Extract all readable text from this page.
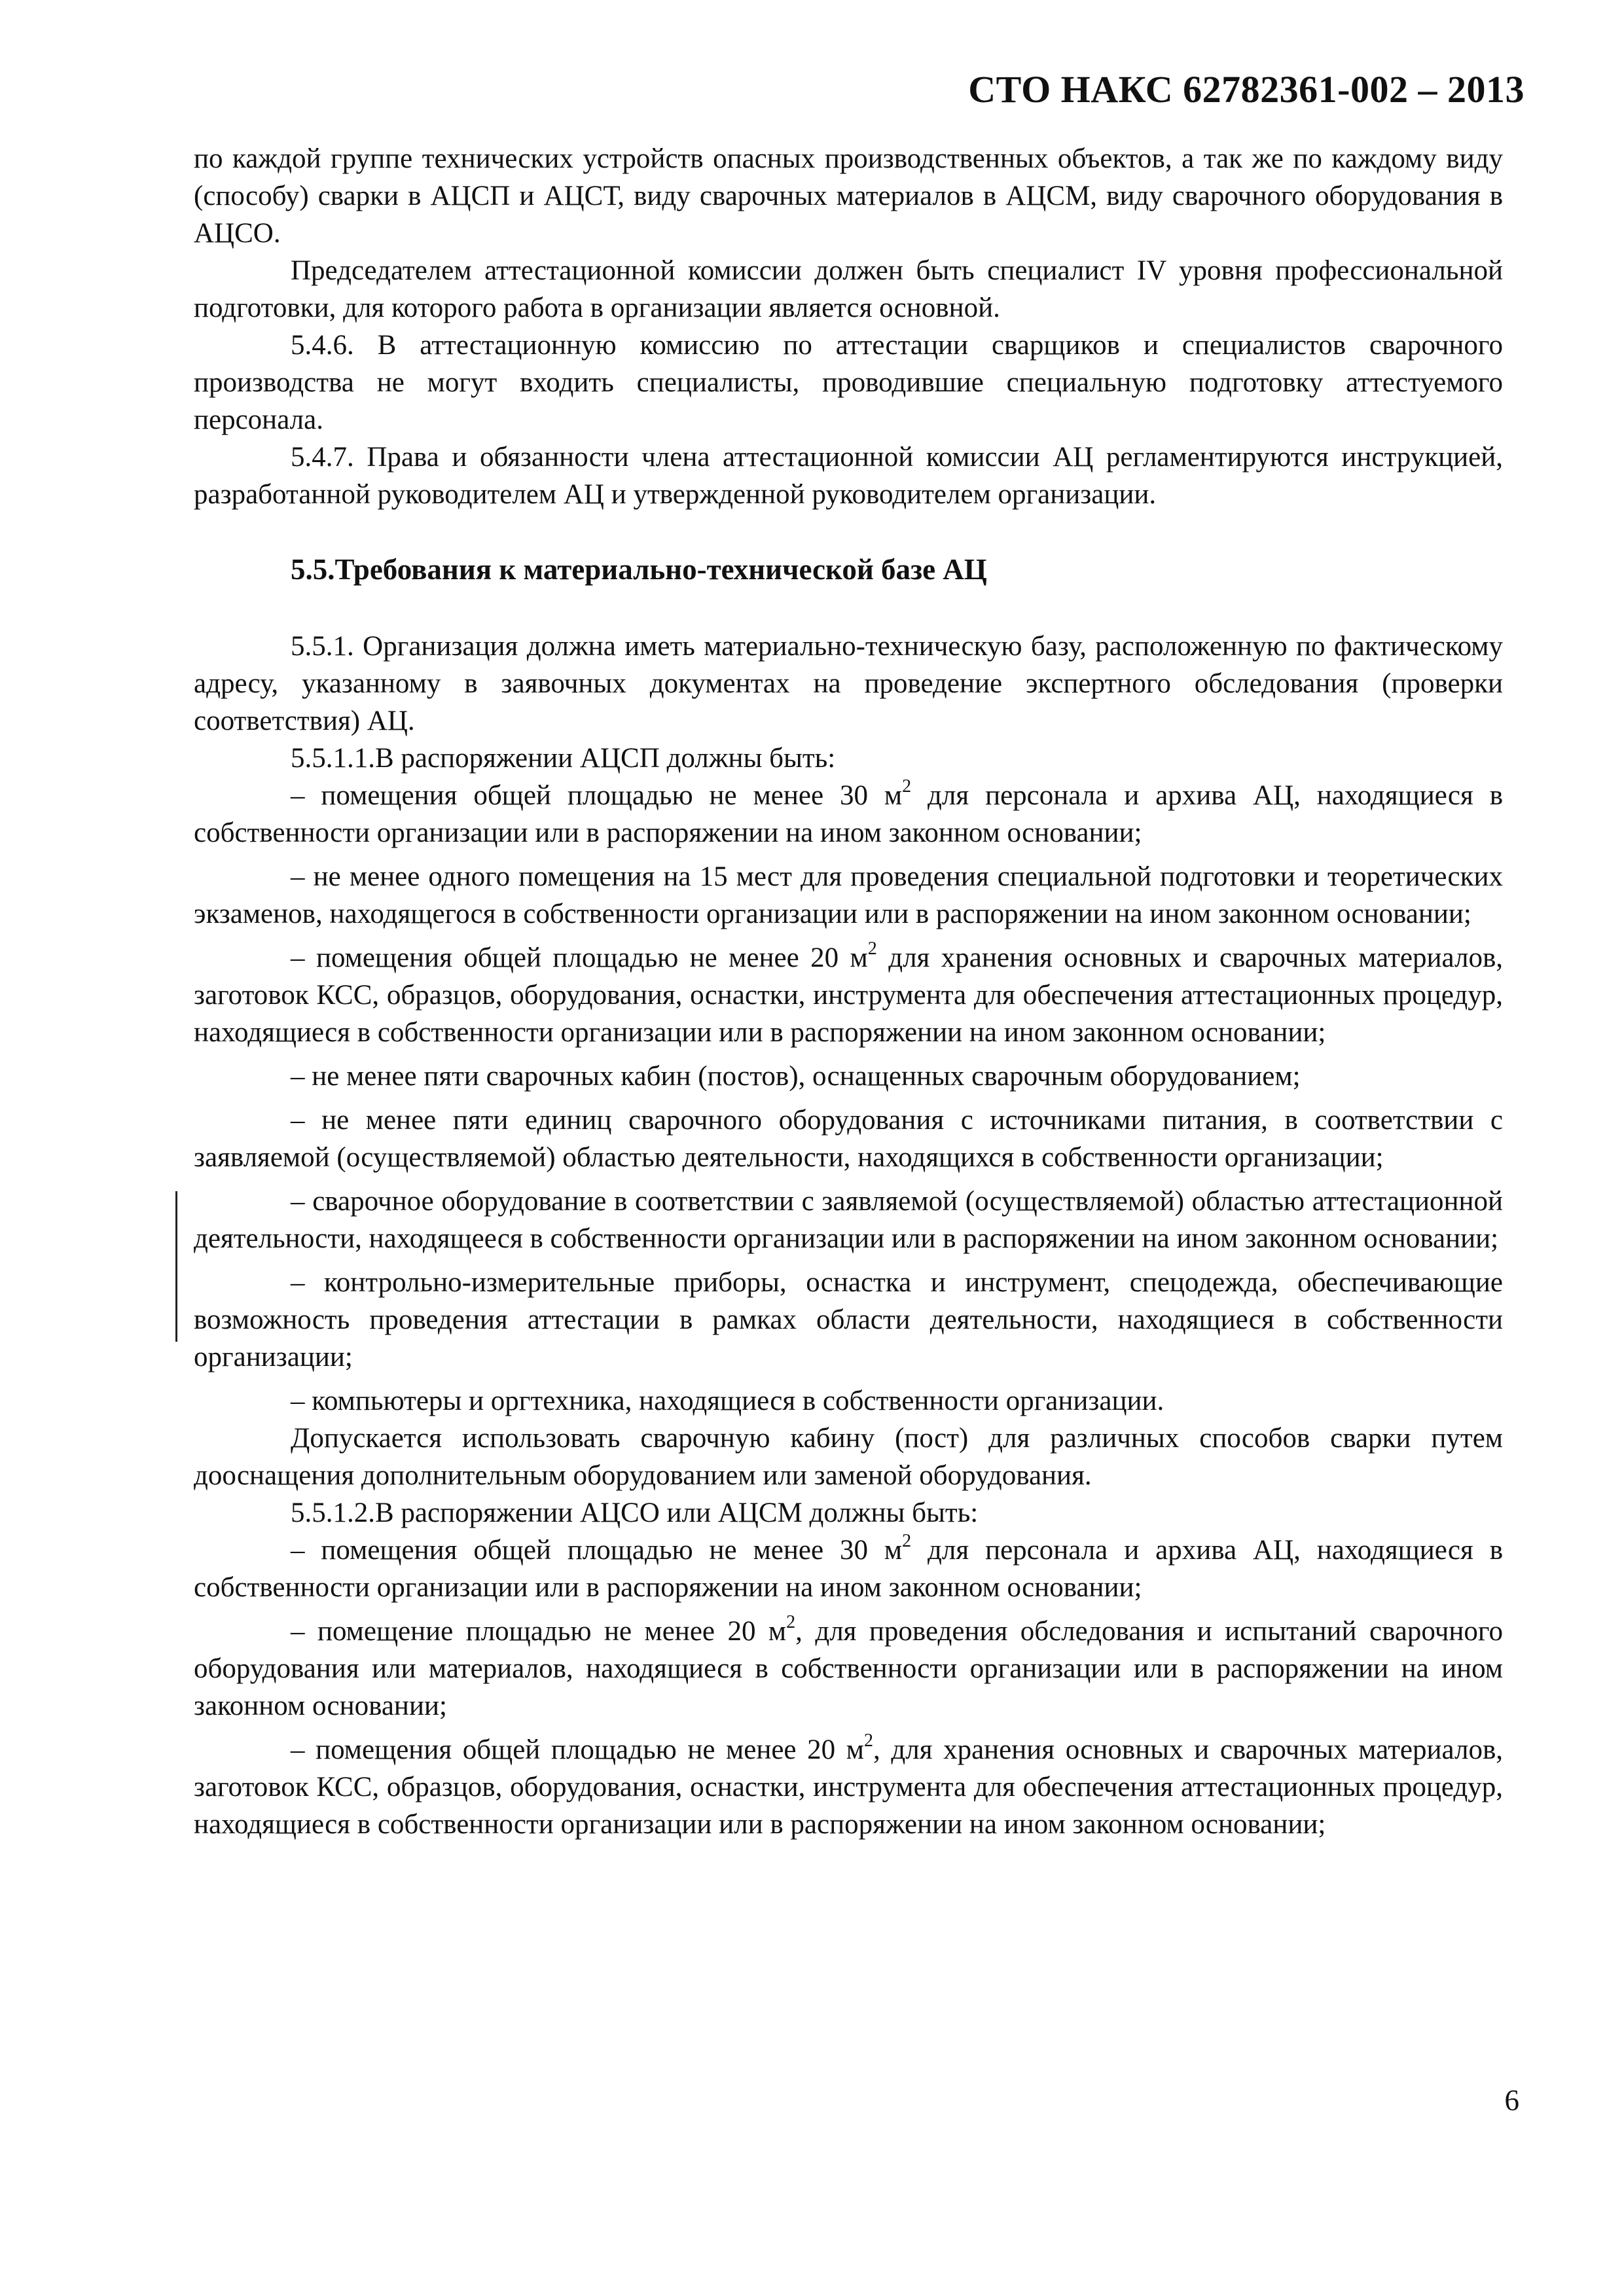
СТО НАКС 62782361-002 – 2013

по каждой группе технических устройств опасных производственных объектов, а так же по каждому виду (способу) сварки в АЦСП и АЦСТ, виду сварочных материалов в АЦСМ, виду сварочного оборудования в АЦСО.

Председателем аттестационной комиссии должен быть специалист IV уровня профессиональной подготовки, для которого работа в организации является основной.

5.4.6. В аттестационную комиссию по аттестации сварщиков и специалистов сварочного производства не могут входить специалисты, проводившие специальную подготовку аттестуемого персонала.

5.4.7. Права и обязанности члена аттестационной комиссии АЦ регламентируются инструкцией, разработанной руководителем АЦ и утвержденной руководителем организации.

5.5.Требования к материально-технической базе АЦ

5.5.1. Организация должна иметь материально-техническую базу, расположенную по фактическому адресу, указанному в заявочных документах на проведение экспертного обследования (проверки соответствия) АЦ.

5.5.1.1.В распоряжении АЦСП должны быть:

– помещения общей площадью не менее 30 $м^2$ для персонала и архива АЦ, находящиеся в собственности организации или в распоряжении на ином законном основании;

– не менее одного помещения на 15 мест для проведения специальной подготовки и теоретических экзаменов, находящегося в собственности организации или в распоряжении на ином законном основании;

– помещения общей площадью не менее 20 $м^2$ для хранения основных и сварочных материалов, заготовок КСС, образцов, оборудования, оснастки, инструмента для обеспечения аттестационных процедур, находящиеся в собственности организации или в распоряжении на ином законном основании;

– не менее пяти сварочных кабин (постов), оснащенных сварочным оборудованием;

– не менее пяти единиц сварочного оборудования с источниками питания, в соответствии с заявляемой (осуществляемой) областью деятельности, находящихся в собственности организации;

– сварочное оборудование в соответствии с заявляемой (осуществляемой) областью аттестационной деятельности, находящееся в собственности организации или в распоряжении на ином законном основании;

– контрольно-измерительные приборы, оснастка и инструмент, спецодежда, обеспечивающие возможность проведения аттестации в рамках области деятельности, находящиеся в собственности организации;

– компьютеры и оргтехника, находящиеся в собственности организации.

Допускается использовать сварочную кабину (пост) для различных способов сварки путем дооснащения дополнительным оборудованием или заменой оборудования.

5.5.1.2.В распоряжении АЦСО или АЦСМ должны быть:

– помещения общей площадью не менее 30 $м^2$ для персонала и архива АЦ, находящиеся в собственности организации или в распоряжении на ином законном основании;

– помещение площадью не менее 20 $м^2$, для проведения обследования и испытаний сварочного оборудования или материалов, находящиеся в собственности организации или в распоряжении на ином законном основании;

– помещения общей площадью не менее 20 $м^2$, для хранения основных и сварочных материалов, заготовок КСС, образцов, оборудования, оснастки, инструмента для обеспечения аттестационных процедур, находящиеся в собственности организации или в распоряжении на ином законном основании;

6
